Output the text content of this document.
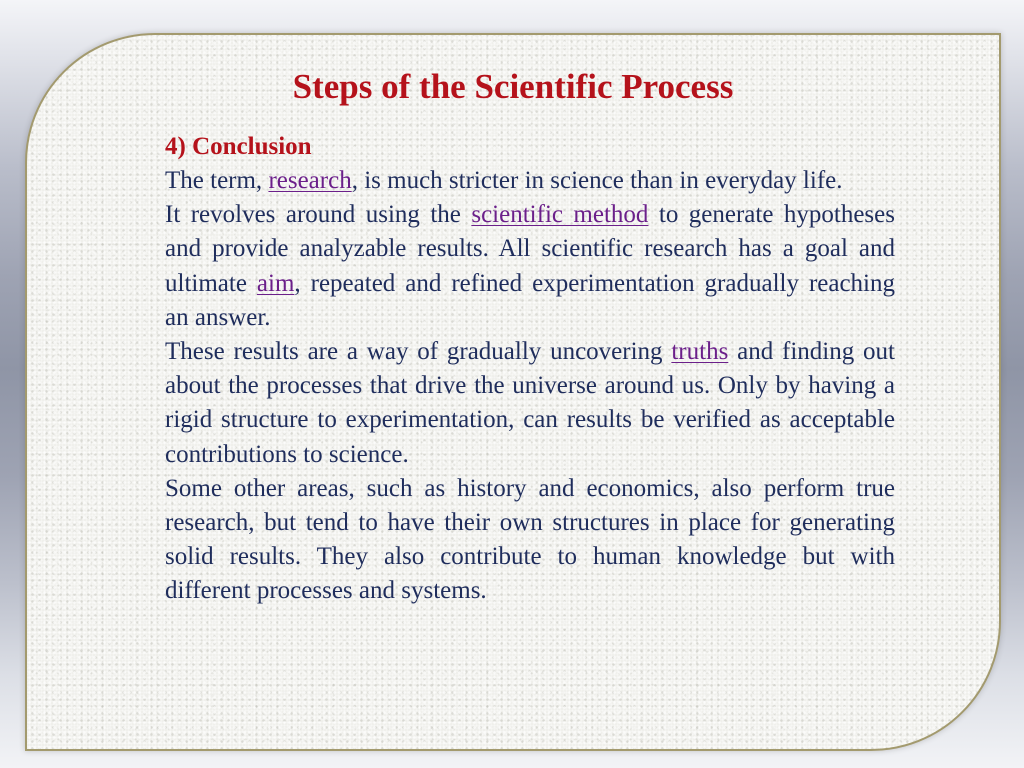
Steps of the Scientific Process

4) Conclusion

The term, research, is much stricter in science than in everyday life.

It revolves around using the scientific method to generate hypotheses and provide analyzable results. All scientific research has a goal and ultimate aim, repeated and refined experimentation gradually reaching an answer.

These results are a way of gradually uncovering truths and finding out about the processes that drive the universe around us. Only by having a rigid structure to experimentation, can results be verified as acceptable contributions to science.

Some other areas, such as history and economics, also perform true research, but tend to have their own structures in place for generating solid results. They also contribute to human knowledge but with different processes and systems.
